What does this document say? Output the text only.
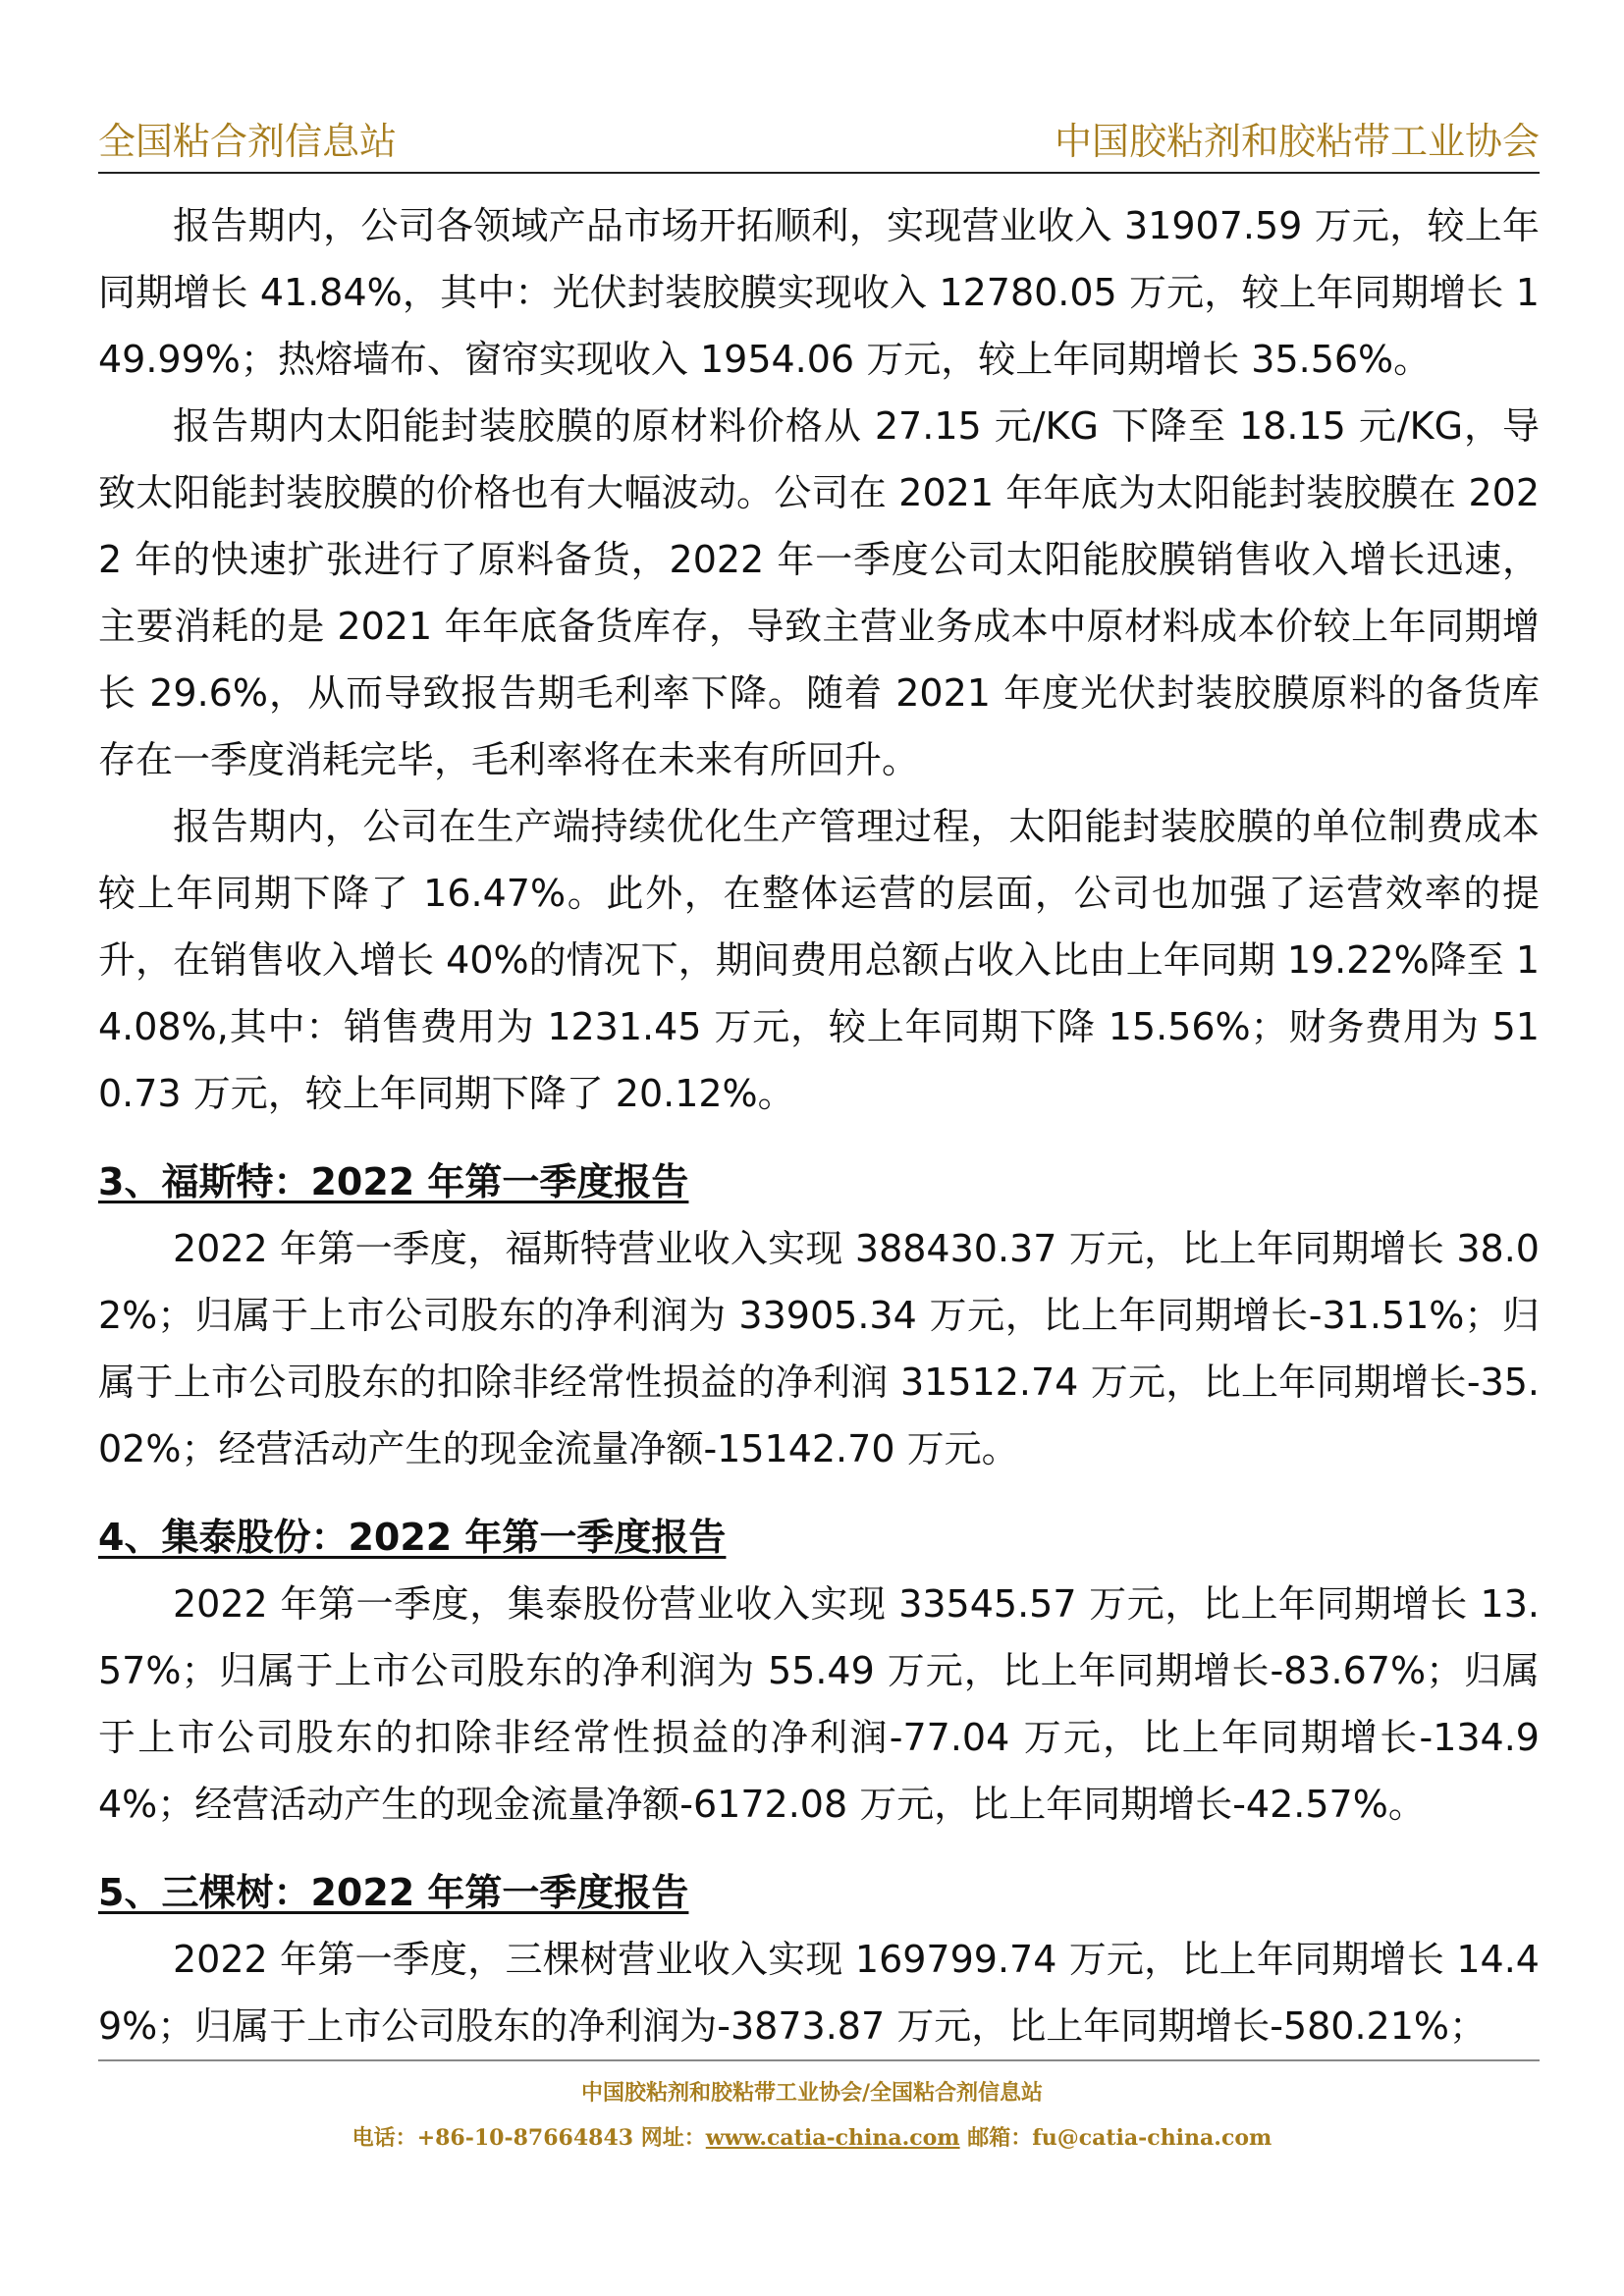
全国粘合剂信息站	中国胶粘剂和胶粘带工业协会

报告期内，公司各领域产品市场开拓顺利，实现营业收入 31907.59 万元，较上年同期增长 41.84%，其中：光伏封装胶膜实现收入 12780.05 万元，较上年同期增长 149.99%；热熔墙布、窗帘实现收入 1954.06 万元，较上年同期增长 35.56%。

报告期内太阳能封装胶膜的原材料价格从 27.15 元/KG 下降至 18.15 元/KG，导致太阳能封装胶膜的价格也有大幅波动。公司在 2021 年年底为太阳能封装胶膜在 2022 年的快速扩张进行了原料备货，2022 年一季度公司太阳能胶膜销售收入增长迅速，主要消耗的是 2021 年年底备货库存，导致主营业务成本中原材料成本价较上年同期增长 29.6%，从而导致报告期毛利率下降。随着 2021 年度光伏封装胶膜原料的备货库存在一季度消耗完毕，毛利率将在未来有所回升。

报告期内，公司在生产端持续优化生产管理过程，太阳能封装胶膜的单位制费成本较上年同期下降了 16.47%。此外，在整体运营的层面，公司也加强了运营效率的提升，在销售收入增长 40%的情况下，期间费用总额占收入比由上年同期 19.22%降至 14.08%,其中：销售费用为 1231.45 万元，较上年同期下降 15.56%；财务费用为 510.73 万元，较上年同期下降了 20.12%。

3、福斯特：2022 年第一季度报告

2022 年第一季度，福斯特营业收入实现 388430.37 万元，比上年同期增长 38.02%；归属于上市公司股东的净利润为 33905.34 万元，比上年同期增长-31.51%；归属于上市公司股东的扣除非经常性损益的净利润 31512.74 万元，比上年同期增长-35.02%；经营活动产生的现金流量净额-15142.70 万元。

4、集泰股份：2022 年第一季度报告

2022 年第一季度，集泰股份营业收入实现 33545.57 万元，比上年同期增长 13.57%；归属于上市公司股东的净利润为 55.49 万元，比上年同期增长-83.67%；归属于上市公司股东的扣除非经常性损益的净利润-77.04 万元，比上年同期增长-134.94%；经营活动产生的现金流量净额-6172.08 万元，比上年同期增长-42.57%。

5、三棵树：2022 年第一季度报告

2022 年第一季度，三棵树营业收入实现 169799.74 万元，比上年同期增长 14.49%；归属于上市公司股东的净利润为-3873.87 万元，比上年同期增长-580.21%；

中国胶粘剂和胶粘带工业协会/全国粘合剂信息站
电话：+86-10-87664843 网址：www.catia-china.com 邮箱：fu@catia-china.com
